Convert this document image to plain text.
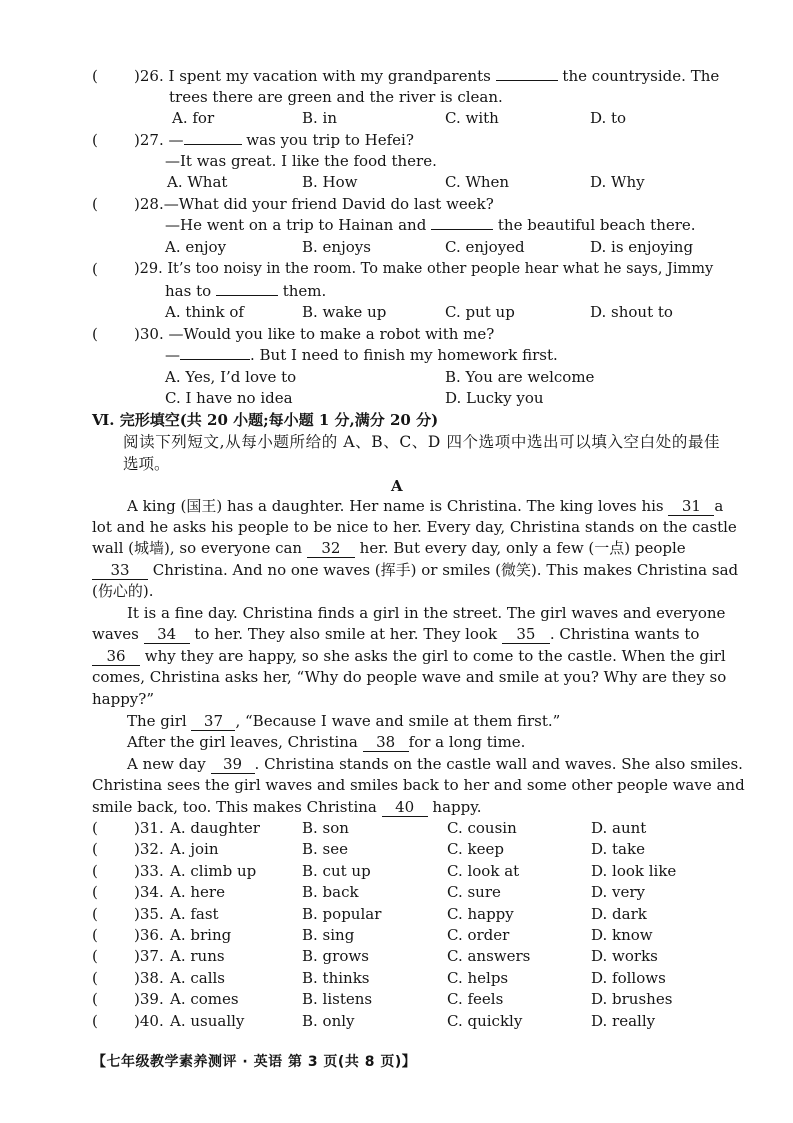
( )26. I spent my vacation with my grandparents	the countryside. The
trees there are green and the river is clean.
A. for	B. in	C. with	D. to
( )27. —	was you trip to Hefei?
—It was great. I like the food there.
A. What	B. How	C. When	D. Why
( )28.—What did your friend David do last week?
—He went on a trip to Hainan and	the beautiful beach there.
A. enjoy	B. enjoys	C. enjoyed	D. is enjoying
( )29. It’s too noisy in the room. To make other people hear what he says, Jimmy
has to	them.
A. think of	B. wake up	C. put up	D. shout to
( )30. —Would you like to make a robot with me?
—	. But I need to finish my homework first.
A. Yes, I’d love to	B. You are welcome
C. I have no idea	D. Lucky you
Ⅵ. 完形填空(共 20 小题;每小题 1 分,满分 20 分)
阅读下列短文,从每小题所给的 A、B、C、D 四个选项中选出可以填入空白处的最佳
选项。
A
A king (国王) has a daughter. Her name is Christina. The king loves his 31 a
lot and he asks his people to be nice to her. Every day, Christina stands on the castle
wall (城墙), so everyone can 32 her. But every day, only a few (一点) people
33 Christina. And no one waves (挥手) or smiles (微笑). This makes Christina sad
(伤心的).
It is a fine day. Christina finds a girl in the street. The girl waves and everyone
waves 34 to her. They also smile at her. They look 35 . Christina wants to
36 why they are happy, so she asks the girl to come to the castle. When the girl
comes, Christina asks her, “Why do people wave and smile at you? Why are they so
happy?”
The girl 37 , “Because I wave and smile at them first.”
After the girl leaves, Christina 38 for a long time.
A new day 39 . Christina stands on the castle wall and waves. She also smiles.
Christina sees the girl waves and smiles back to her and some other people wave and
smile back, too. This makes Christina 40 happy.
( )31. A. daughter	B. son	C. cousin	D. aunt
( )32. A. join	B. see	C. keep	D. take
( )33. A. climb up	B. cut up	C. look at	D. look like
( )34. A. here	B. back	C. sure	D. very
( )35. A. fast	B. popular	C. happy	D. dark
( )36. A. bring	B. sing	C. order	D. know
( )37. A. runs	B. grows	C. answers	D. works
( )38. A. calls	B. thinks	C. helps	D. follows
( )39. A. comes	B. listens	C. feels	D. brushes
( )40. A. usually	B. only	C. quickly	D. really
【七年级教学素养测评 · 英语 第 3 页(共 8 页)】
